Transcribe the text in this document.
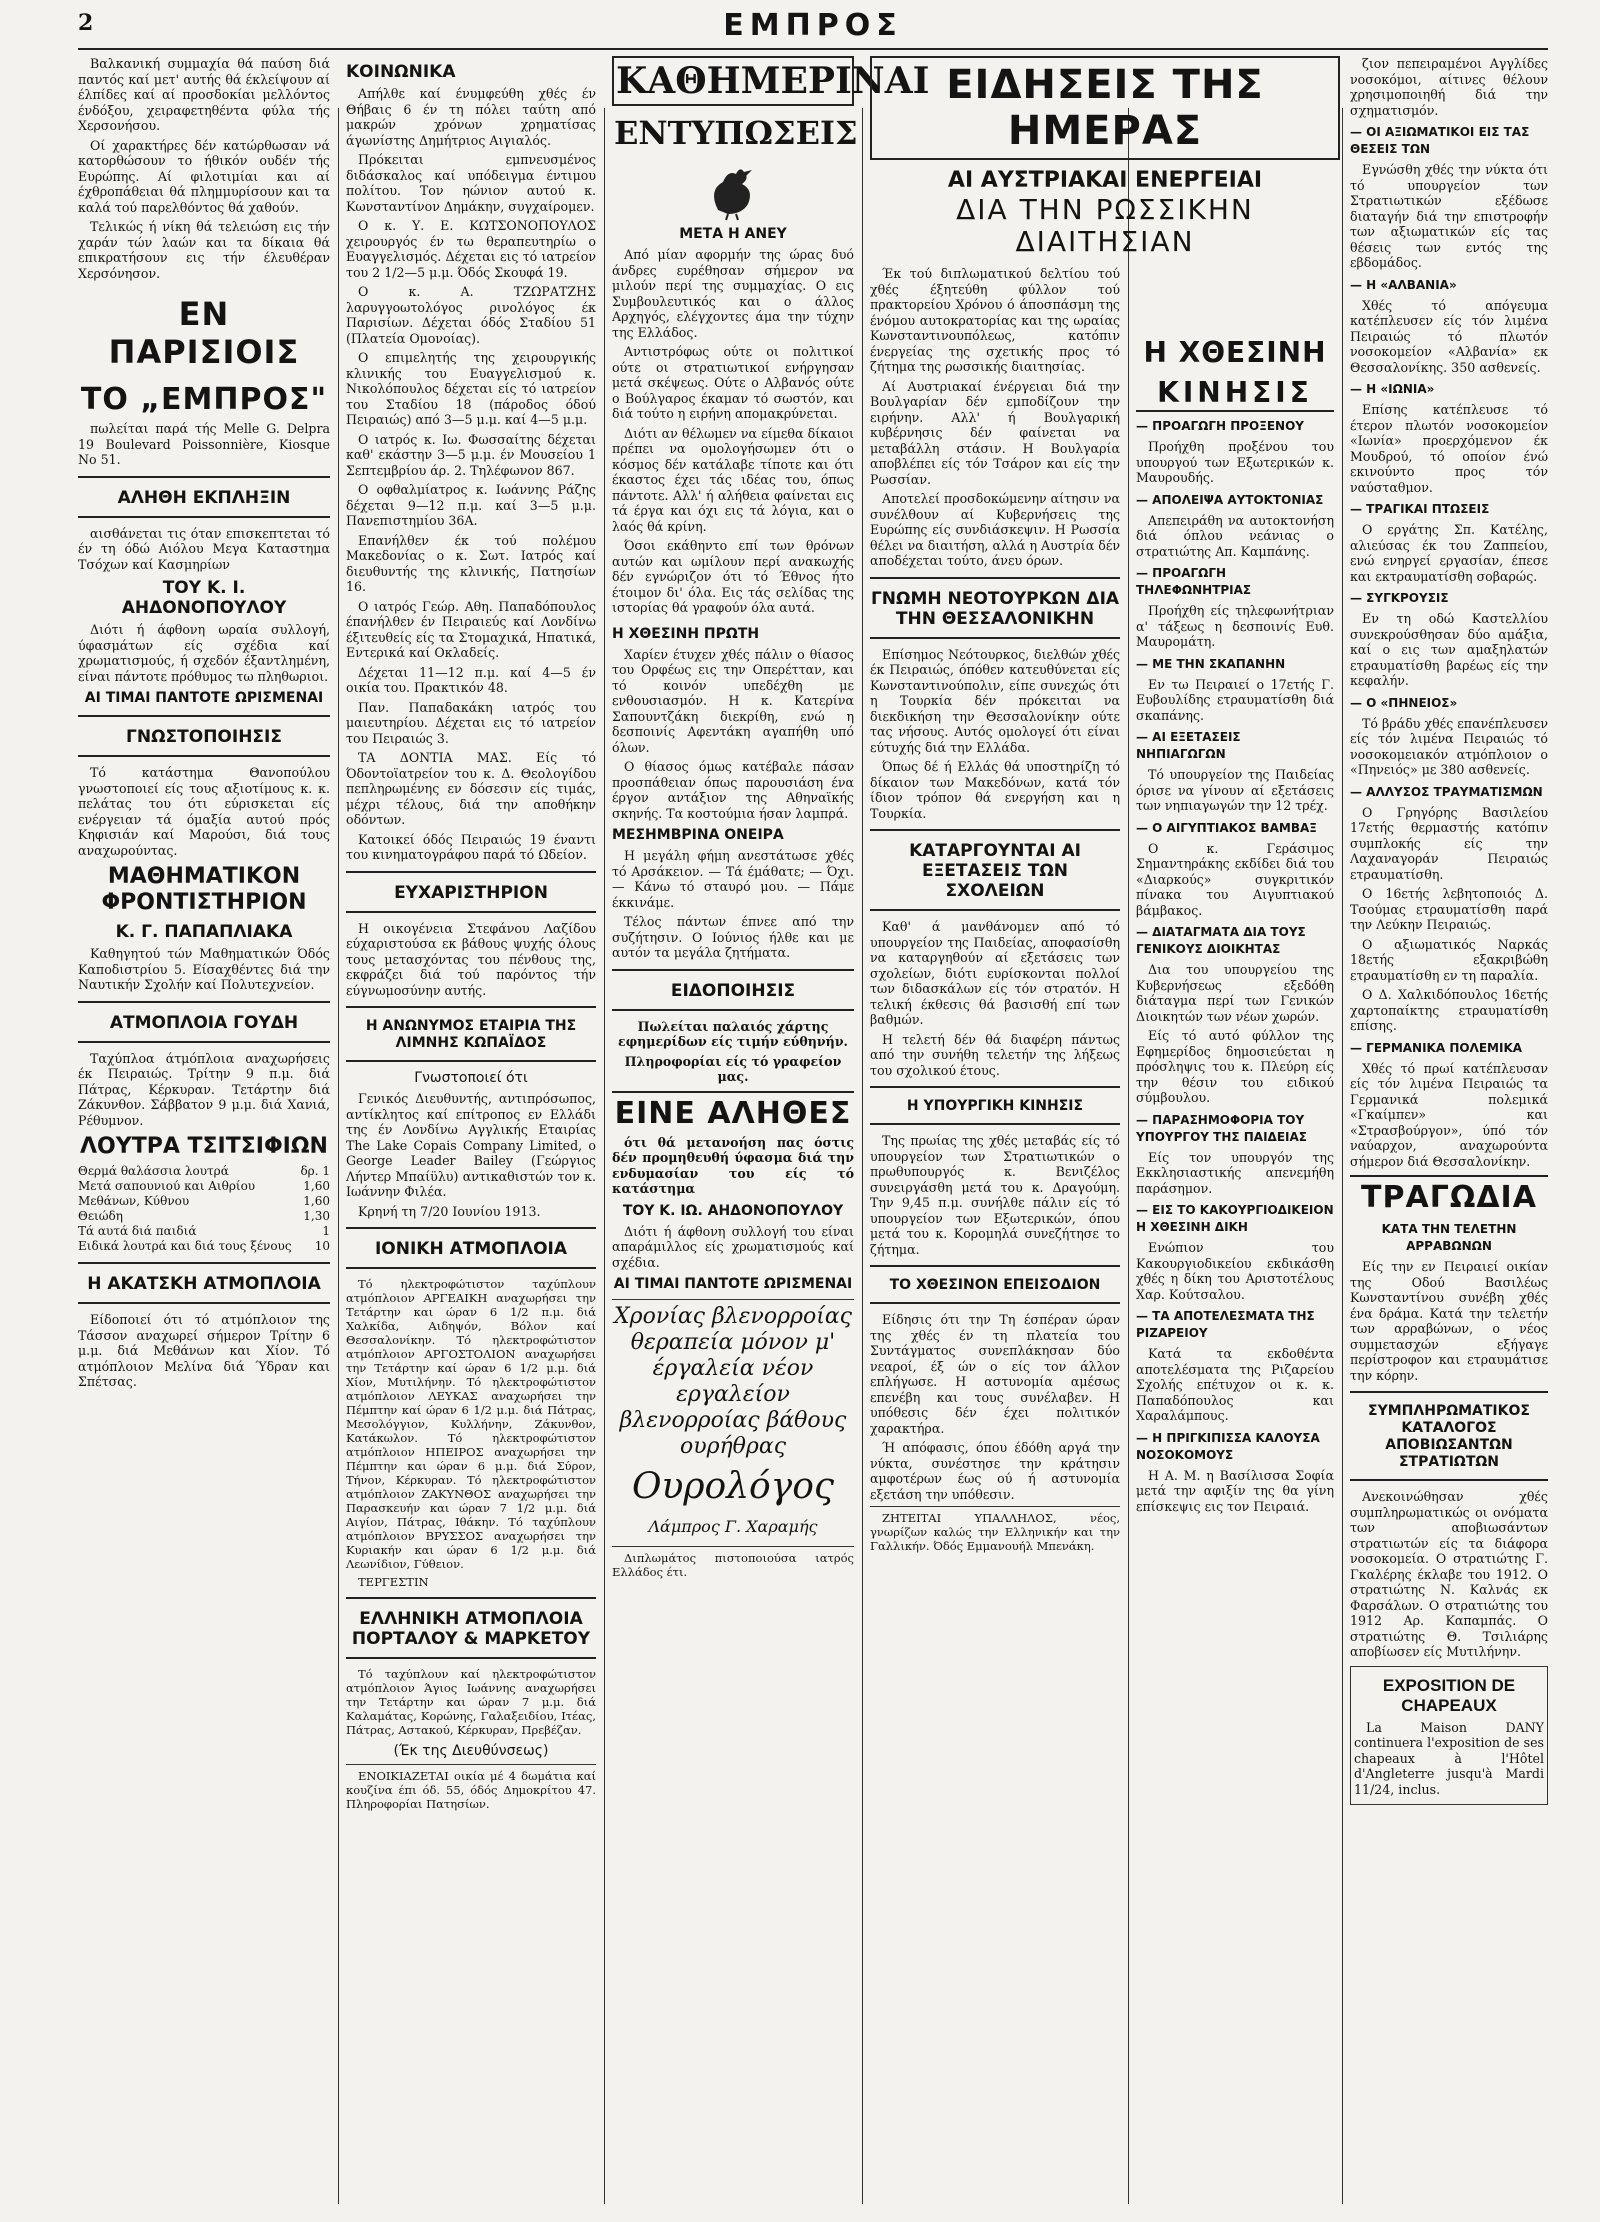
2	ΕΜΠΡΟΣ

Βαλκανική συμμαχία θά παύση διά παντός καί μετ' αυτής θά έκλείψουν αί έλπίδες καί αί προσδοκίαι μελλόντος ένδόξου, χειραφετηθέντα φύλα τής Χερσονήσου.

Οί χαρακτήρες δέν κατώρθωσαν νά κατορθώσουν το ήθικόν ουδέν τής Ευρώπης. Αί φιλοτιμίαι και αί έχθροπάθειαι θά πλημμυρίσουν και τα καλά τού παρελθόντος θά χαθούν.

Τελικώς ή νίκη θά τελειώση εις τήν χαράν τών λαών και τα δίκαια θά επικρατήσουν εις τήν έλευθέραν Χερσόνησον.

ΕΝ ΠΑΡΙΣΙΟΙΣ
ΤΟ „ΕΜΠΡΟΣ"

πωλείται παρά τής Melle G. Delpra 19 Boulevard Poissonnière, Kiosque No 51.

ΑΛΗΘΗ ΕΚΠΛΗΞΙΝ

αισθάνεται τις όταν επισκεπτεται τό έν τη όδώ Αιόλου Μεγα Καταστημα Τσόχων καί Κασμηρίων

ΤΟΥ Κ. Ι. ΑΗΔΟΝΟΠΟΥΛΟΥ

Διότι ή άφθονη ωραία συλλογή, ύφασμάτων είς σχέδια καί χρωματισμούς, ή σχεδόν έξαντλημένη, είναι πάντοτε πρόθυμος τω πληθωριοι.

ΑΙ ΤΙΜΑΙ ΠΑΝΤΟΤΕ ΩΡΙΣΜΕΝΑΙ
ΓΝΩΣΤΟΠΟΙΗΣΙΣ

Τό κατάστημα Θανοπούλου γνωστοποιεί είς τους αξιοτίμους κ. κ. πελάτας του ότι εύρισκεται είς ενέργειαν τά όμαξία αυτού πρός Κηφισιάν καί Μαρούσι, διά τους αναχωρούντας.

ΜΑΘΗΜΑΤΙΚΟΝ ΦΡΟΝΤΙΣΤΗΡΙΟΝ
Κ. Γ. ΠΑΠΑΠΛΙΑΚΑ

Καθηγητού τών Μαθηματικών Όδός Καποδιστρίου 5. Είσαχθέντες διά την Ναυτικήν Σχολήν καί Πολυτεχνείον.

ΑΤΜΟΠΛΟΙΑ ΓΟΥΔΗ

Ταχύπλοα άτμόπλοια αναχωρήσεις έκ Πειραιώς. Τρίτην 9 π.μ. διά Πάτρας, Κέρκυραν. Τετάρτην διά Ζάκυνθον. Σάββατον 9 μ.μ. διά Χανιά, Ρέθυμνον.

ΛΟΥΤΡΑ ΤΣΙΤΣΙΦΙΩΝ
Θερμά θαλάσσια λουτρά	δρ. 1
Μετά σαπουνιού και Αιθρίου	1,60
Μεθάνων, Κύθνου	1,60
Θειώδη	1,30
Τά αυτά διά παιδιά	1
Ειδικά λουτρά και διά τους ξένους 10
Η ΑΚΑΤΣΚΗ ΑΤΜΟΠΛΟΙΑ

Είδοποιεί ότι τό ατμόπλοιον της Τάσσον αναχωρεί σήμερον Τρίτην 6 μ.μ. διά Μεθάνων και Χίον. Τό ατμόπλοιον Μελίνα διά Ύδραν και Σπέτσας.

ΚΟΙΝΩΝΙΚΑ

Απήλθε καί ένυμφεύθη χθές έν Θήβαις 6 έν τη πόλει ταύτη από μακρών χρόνων χρηματίσας άγωνίστης Δημήτριος Αιγιαλός.

Πρόκειται εμπνευσμένος διδάσκαλος καί υπόδειγμα έντιμου πολίτου. Τον ηώνιον αυτού κ. Κωνσταντίνον Δημάκην, συγχαίρομεν.

Ο κ. Υ. Ε. ΚΩΤΣΟΝΟΠΟΥΛΟΣ χειρουργός έν τω θεραπευτηρίω ο Ευαγγελισμός. Δέχεται εις τό ιατρείον του 2 1/2—5 μ.μ. Όδός Σκουφά 19.

Ο κ. Α. ΤΖΩΡΑΤΖΗΣ λαρυγγοωτολόγος ρινολόγος έκ Παρισίων. Δέχεται όδός Σταδίου 51 (Πλατεία Ομονοίας).

Ο επιμελητής της χειρουργικής κλινικής του Ευαγγελισμού κ. Νικολόπουλος δέχεται είς τό ιατρείον του Σταδίου 18 (πάροδος όδού Πειραιώς) από 3—5 μ.μ. καί 4—5 μ.μ.

Ο ιατρός κ. Ιω. Φωσσαίτης δέχεται καθ' εκάστην 3—5 μ.μ. έν Μουσείου 1 Σεπτεμβρίου άρ. 2. Τηλέφωνον 867.

Ο οφθαλμίατρος κ. Ιωάννης Ράζης δέχεται 9—12 π.μ. καί 3—5 μ.μ. Πανεπιστημίου 36Α.

Επανήλθεν έκ τού πολέμου Μακεδονίας ο κ. Σωτ. Ιατρός καί διευθυντής της κλινικής, Πατησίων 16.

Ο ιατρός Γεώρ. Αθη. Παπαδόπουλος έπανήλθεν έν Πειραιεύς καί Λονδίνω έξιτευθείς είς τα Στομαχικά, Ηπατικά, Εντερικά καί Οκλαδείς.

Δέχεται 11—12 π.μ. καί 4—5 έν οικία του. Πρακτικόν 48.

Παν. Παπαδακάκη ιατρός του μαιευτηρίου. Δέχεται εις τό ιατρείον του Πειραιώς 3.

ΤΑ ΔΟΝΤΙΑ ΜΑΣ. Είς τό Όδοντοϊατρείον του κ. Δ. Θεολογίδου πεπληρωμένης εν δόσεσιν είς τιμάς, μέχρι τέλους, διά την αποθήκην οδόντων.

Κατοικεί όδός Πειραιώς 19 έναντι του κινηματογράφου παρά τό Ωδείον.

ΕΥΧΑΡΙΣΤΗΡΙΟΝ

Η οικογένεια Στεφάνου Λαζίδου εύχαριστούσα εκ βάθους ψυχής όλους τους μετασχόντας του πένθους της, εκφράζει διά τού παρόντος τήν εύγνωμοσύνην αυτής.

Η ΑΝΩΝΥΜΟΣ ΕΤΑΙΡΙΑ ΤΗΣ ΛΙΜΝΗΣ ΚΩΠΑΪΔΟΣ
Γνωστοποιεί ότι

Γενικός Διευθυντής, αντιπρόσωπος, αντίκλητος καί επίτροπος εν Ελλάδι της έν Λονδίνω Αγγλικής Εταιρίας The Lake Copais Company Limited, ο George Leader Bailey (Γεώργιος Λήντερ Μπαίϋλυ) αντικαθιστών τον κ. Ιωάννην Φιλέα.

Κρηνή τη 7/20 Ιουνίου 1913.

ΙΟΝΙΚΗ ΑΤΜΟΠΛΟΙΑ

Τό ηλεκτροφώτιστον ταχύπλουν ατμόπλοιον ΑΡΓΕΑΙΚΗ αναχωρήσει την Τετάρτην και ώραν 6 1/2 π.μ. διά Χαλκίδα, Αιδηψόν, Βόλον καί Θεσσαλονίκην. Τό ηλεκτροφώτιστον ατμόπλοιον ΑΡΓΟΣΤΟΛΙΟΝ αναχωρήσει την Τετάρτην καί ώραν 6 1/2 μ.μ. διά Χίον, Μυτιλήνην. Τό ηλεκτροφώτιστον ατμόπλοιον ΛΕΥΚΑΣ αναχωρήσει την Πέμπτην καί ώραν 6 1/2 μ.μ. διά Πάτρας, Μεσολόγγιον, Κυλλήνην, Ζάκυνθον, Κατάκωλον. Τό ηλεκτροφώτιστον ατμόπλοιον ΗΠΕΙΡΟΣ αναχωρήσει την Πέμπτην και ώραν 6 μ.μ. διά Σύρον, Τήνον, Κέρκυραν. Τό ηλεκτροφώτιστον ατμόπλοιον ΖΑΚΥΝΘΟΣ αναχωρήσει την Παρασκευήν και ώραν 7 1/2 μ.μ. διά Αιγίον, Πάτρας, Ιθάκην. Τό ταχύπλουν ατμόπλοιον ΒΡΥΣΣΟΣ αναχωρήσει την Κυριακήν και ώραν 6 1/2 μ.μ. διά Λεωνίδιον, Γύθειον.

ΤΕΡΓΕΣΤΙΝ

ΕΛΛΗΝΙΚΗ ΑΤΜΟΠΛΟΙΑ ΠΟΡΤΑΛΟΥ & ΜΑΡΚΕΤΟΥ

Τό ταχύπλουν καί ηλεκτροφώτιστον ατμόπλοιον Άγιος Ιωάννης αναχωρήσει την Τετάρτην και ώραν 7 μ.μ. διά Καλαμάτας, Κορώνης, Γαλαξειδίου, Ιτέας, Πάτρας, Αστακού, Κέρκυραν, Πρεβέζαν.

(Έκ της Διευθύνσεως)

ΕΝΟΙΚΙΑΖΕΤΑΙ οικία μέ 4 δωμάτια καί κουζίνα έπι όδ. 55, όδός Δημοκρίτου 47. Πληροφορίαι Πατησίων.

ΚΑΘΗΜΕΡΙΝΑΙ
ΕΝΤΥΠΩΣΕΙΣ
ΜΕΤΑ Η ΑΝΕΥ

Από μίαν αφορμήν της ώρας δυό άνδρες ευρέθησαν σήμερον να μιλούν περί της συμμαχίας. Ο εις Συμβουλευτικός και ο άλλος Αρχηγός, ελέγχοντες άμα την τύχην της Ελλάδος.

Αντιστρόφως ούτε οι πολιτικοί ούτε οι στρατιωτικοί ενήργησαν μετά σκέψεως. Ούτε ο Αλβανός ούτε ο Βούλγαρος έκαμαν τό σωστόν, και διά τούτο η ειρήνη απομακρύνεται.

Διότι αν θέλωμεν να είμεθα δίκαιοι πρέπει να ομολογήσωμεν ότι ο κόσμος δέν κατάλαβε τίποτε και ότι έκαστος έχει τάς ιδέας του, όπως πάντοτε. Αλλ' ή αλήθεια φαίνεται εις τά έργα και όχι εις τά λόγια, και ο λαός θά κρίνη.

Όσοι εκάθηντο επί των θρόνων αυτών και ωμίλουν περί ανακωχής δέν εγνώριζον ότι τό Έθνος ήτο έτοιμον δι' όλα. Εις τάς σελίδας της ιστορίας θά γραφούν όλα αυτά.

Η ΧΘΕΣΙΝΗ ΠΡΩΤΗ

Χαρίεν έτυχεν χθές πάλιν ο θίασος του Ορφέως εις την Οπερέτταν, και τό κοινόν υπεδέχθη με ενθουσιασμόν. Η κ. Κατερίνα Σαπουντζάκη διεκρίθη, ενώ η δεσποινίς Αφεντάκη αγαπήθη υπό όλων.

Ο θίασος όμως κατέβαλε πάσαν προσπάθειαν όπως παρουσιάση ένα έργον αντάξιον της Αθηναϊκής σκηνής. Τα κοστούμια ήσαν λαμπρά.

ΜΕΣΗΜΒΡΙΝΑ ΟΝΕΙΡΑ

Η μεγάλη φήμη ανεστάτωσε χθές τό Αρσάκειον. — Τά έμάθατε; — Όχι. — Κάνω τό σταυρό μου. — Πάμε έκκινάμε.

Τέλος πάντων έπνεε από την συζήτησιν. Ο Ιούνιος ήλθε και με αυτόν τα μεγάλα ζητήματα.

ΕΙΔΟΠΟΙΗΣΙΣ

Πωλείται παλαιός χάρτης εφημερίδων είς τιμήν εύθηνήν.

Πληροφορίαι είς τό γραφείον μας.

ΕΙΝΕ ΑΛΗΘΕΣ

ότι θά μετανοήση πας όστις δέν προμηθευθή ύφασμα διά την ενδυμασίαν του είς τό κατάστημα

ΤΟΥ Κ. ΙΩ. ΑΗΔΟΝΟΠΟΥΛΟΥ

Διότι ή άφθονη συλλογή του είναι απαράμιλλος είς χρωματισμούς καί σχέδια.

ΑΙ ΤΙΜΑΙ ΠΑΝΤΟΤΕ ΩΡΙΣΜΕΝΑΙ
Χρονίας βλενορροίας θεραπεία μόνον μ' έργαλεία νέον εργαλείον βλενορροίας βάθους ουρήθρας
Ουρολόγος
Λάμπρος Γ. Χαραμής

Διπλωμάτος πιστοποιούσα ιατρός Ελλάδος έτι.

ΕΙΔΗΣΕΙΣ ΤΗΣ ΗΜΕΡΑΣ
ΑΙ ΑΥΣΤΡΙΑΚΑΙ ΕΝΕΡΓΕΙΑΙ
ΔΙΑ ΤΗΝ ΡΩΣΣΙΚΗΝ ΔΙΑΙΤΗΣΙΑΝ

Έκ τού διπλωματικού δελτίου τού χθές έξητεύθη φύλλον τού πρακτορείου Χρόνου ό άποσπάσμη της ένόμου αυτοκρατορίας και της ωραίας Κωνσταντινουπόλεως, κατόπιν ένεργείας της σχετικής προς τό ζήτημα της ρωσσικής διαιτησίας.

Αί Αυστριακαί ένέργειαι διά την Βουλγαρίαν δέν εμποδίζουν την ειρήνην. Αλλ' ή Βουλγαρική κυβέρνησις δέν φαίνεται να μεταβάλλη στάσιν. Η Βουλγαρία αποβλέπει είς τόν Τσάρον και είς την Ρωσσίαν.

Αποτελεί προσδοκώμενην αίτησιν να συνέλθουν αί Κυβερνήσεις της Ευρώπης είς συνδιάσκεψιν. Η Ρωσσία θέλει να διαιτήση, αλλά η Αυστρία δέν αποδέχεται τούτο, άνευ όρων.

ΓΝΩΜΗ ΝΕΟΤΟΥΡΚΩΝ ΔΙΑ ΤΗΝ ΘΕΣΣΑΛΟΝΙΚΗΝ

Επίσημος Νεότουρκος, διελθών χθές έκ Πειραιώς, όπόθεν κατευθύνεται είς Κωνσταντινούπολιν, είπε συνεχώς ότι η Τουρκία δέν πρόκειται να διεκδικήση την Θεσσαλονίκην ούτε τας νήσους. Αυτός ομολογεί ότι είναι εύτυχής διά την Ελλάδα.

Όπως δέ ή Ελλάς θά υποστηρίζη τό δίκαιον των Μακεδόνων, κατά τόν ίδιον τρόπον θά ενεργήση και η Τουρκία.

ΚΑΤΑΡΓΟΥΝΤΑΙ ΑΙ ΕΞΕΤΑΣΕΙΣ ΤΩΝ ΣΧΟΛΕΙΩΝ

Καθ' ά μανθάνομεν από τό υπουργείον της Παιδείας, αποφασίσθη να καταργηθούν αί εξετάσεις των σχολείων, διότι ευρίσκονται πολλοί των διδασκάλων είς τόν στρατόν. Η τελική έκθεσις θά βασισθή επί των βαθμών.

Η τελετή δέν θά διαφέρη πάντως από την συνήθη τελετήν της λήξεως του σχολικού έτους.

Η ΥΠΟΥΡΓΙΚΗ ΚΙΝΗΣΙΣ

Της πρωίας της χθές μεταβάς είς τό υπουργείον των Στρατιωτικών ο πρωθυπουργός κ. Βενιζέλος συνειργάσθη μετά του κ. Δραγούμη. Την 9,45 π.μ. συνήλθε πάλιν είς τό υπουργείον των Εξωτερικών, όπου μετά του κ. Κορομηλά συνεζήτησε το ζήτημα.

ΤΟ ΧΘΕΣΙΝΟΝ ΕΠΕΙΣΟΔΙΟΝ

Είδησις ότι την Τη έσπέραν ώραν της χθές έν τη πλατεία του Συντάγματος συνεπλάκησαν δύο νεαροί, έξ ών ο είς τον άλλον επλήγωσε. Η αστυνομία αμέσως επενέβη και τους συνέλαβεν. Η υπόθεσις δέν έχει πολιτικόν χαρακτήρα.

Ή απόφασις, όπου έδόθη αργά την νύκτα, συνέστησε την κράτησιν αμφοτέρων έως ού ή αστυνομία εξετάση την υπόθεσιν.

ΖΗΤΕΙΤΑΙ ΥΠΑΛΛΗΛΟΣ, νέος, γνωρίζων καλώς την Ελληνικήν και την Γαλλικήν. Όδός Εμμανουήλ Μπενάκη.

Η ΧΘΕΣΙΝΗ
ΚΙΝΗΣΙΣ
— ΠΡΟΑΓΩΓΗ ΠΡΟΞΕΝΟΥ

Προήχθη προξένου του υπουργού των Εξωτερικών κ. Μαυρουδής.

— ΑΠΟΛΕΙΨΑ ΑΥΤΟΚΤΟΝΙΑΣ

Απεπειράθη να αυτοκτονήση διά όπλου νεάνιας ο στρατιώτης Απ. Καμπάνης.

— ΠΡΟΑΓΩΓΗ ΤΗΛΕΦΩΝΗΤΡΙΑΣ

Προήχθη είς τηλεφωνήτριαν α' τάξεως η δεσποινίς Ευθ. Μαυρομάτη.

— ΜΕ ΤΗΝ ΣΚΑΠΑΝΗΝ

Εν τω Πειραιεί ο 17ετής Γ. Ευβουλίδης ετραυματίσθη διά σκαπάνης.

— ΑΙ ΕΞΕΤΑΣΕΙΣ ΝΗΠΙΑΓΩΓΩΝ

Τό υπουργείον της Παιδείας όρισε να γίνουν αί εξετάσεις των νηπιαγωγών την 12 τρέχ.

— Ο ΑΙΓΥΠΤΙΑΚΟΣ ΒΑΜΒΑΞ

Ο κ. Γεράσιμος Σημαντηράκης εκδίδει διά του «Διαρκούς» συγκριτικόν πίνακα του Αιγυπτιακού βάμβακος.

— ΔΙΑΤΑΓΜΑΤΑ ΔΙΑ ΤΟΥΣ ΓΕΝΙΚΟΥΣ ΔΙΟΙΚΗΤΑΣ

Δια του υπουργείου της Κυβερνήσεως εξεδόθη διάταγμα περί των Γενικών Διοικητών των νέων χωρών.

Είς τό αυτό φύλλον της Εφημερίδος δημοσιεύεται η πρόσληψις του κ. Πλεύρη είς την θέσιν του ειδικού σύμβουλου.

— ΠΑΡΑΣΗΜΟΦΟΡΙΑ ΤΟΥ ΥΠΟΥΡΓΟΥ ΤΗΣ ΠΑΙΔΕΙΑΣ

Είς τον υπουργόν της Εκκλησιαστικής απενεμήθη παράσημον.

— ΕΙΣ ΤΟ ΚΑΚΟΥΡΓΙΟΔΙΚΕΙΟΝ Η ΧΘΕΣΙΝΗ ΔΙΚΗ

Ενώπιον του Κακουργιοδικείου εκδικάσθη χθές η δίκη του Αριστοτέλους Χαρ. Κούτσαλου.

— ΤΑ ΑΠΟΤΕΛΕΣΜΑΤΑ ΤΗΣ ΡΙΖΑΡΕΙΟΥ

Κατά τα εκδοθέντα αποτελέσματα της Ριζαρείου Σχολής επέτυχον οι κ. κ. Παπαδόπουλος και Χαραλάμπους.

— Η ΠΡΙΓΚΙΠΙΣΣΑ ΚΑΛΟΥΣΑ ΝΟΣΟΚΟΜΟΥΣ

Η Α. Μ. η Βασίλισσα Σοφία μετά την αφιξίν της θα γίνη επίσκεψις εις τον Πειραιά.

ζιον πεπειραμένοι Αγγλίδες νοσοκόμοι, αίτινες θέλουν χρησιμοποιηθή διά την σχηματισμόν.

— ΟΙ ΑΞΙΩΜΑΤΙΚΟΙ ΕΙΣ ΤΑΣ ΘΕΣΕΙΣ ΤΩΝ

Εγνώσθη χθές την νύκτα ότι τό υπουργείον των Στρατιωτικών εξέδωσε διαταγήν διά την επιστροφήν των αξιωματικών είς τας θέσεις των εντός της εβδομάδος.

— Η «ΑΛΒΑΝΙΑ»

Χθές τό απόγευμα κατέπλευσεν είς τόν λιμένα Πειραιώς τό πλωτόν νοσοκομείον «Αλβανία» εκ Θεσσαλονίκης. 350 ασθενείς.

— Η «ΙΩΝΙΑ»

Επίσης κατέπλευσε τό έτερον πλωτόν νοσοκομείον «Ιωνία» προερχόμενον έκ Μουδρού, τό οποίον ένώ εκινούντο προς τόν ναύσταθμον.

— ΤΡΑΓΙΚΑΙ ΠΤΩΣΕΙΣ

Ο εργάτης Σπ. Κατέλης, αλιεύσας έκ του Ζαππείου, ενώ ενηργεί εργασίαν, έπεσε και εκτραυματίσθη σοβαρώς.

— ΣΥΓΚΡΟΥΣΙΣ

Εν τη οδώ Καστελλίου συνεκρούσθησαν δύο αμάξια, καί ο εις των αμαξηλατών ετραυματίσθη βαρέως είς την κεφαλήν.

— Ο «ΠΗΝΕΙΟΣ»

Τό βράδυ χθές επανέπλευσεν είς τόν λιμένα Πειραιώς τό νοσοκομειακόν ατμόπλοιον ο «Πηνειός» με 380 ασθενείς.

— ΑΛΛΥΣΟΣ ΤΡΑΥΜΑΤΙΣΜΩΝ

Ο Γρηγόρης Βασιλείου 17ετής θερμαστής κατόπιν συμπλοκής είς την Λαχαναγοράν Πειραιώς ετραυματίσθη.

Ο 16ετής λεβητοποιός Δ. Τσούμας ετραυματίσθη παρά την Λεύκην Πειραιώς.

Ο αξιωματικός Ναρκάς 18ετής εξακριβώθη ετραυματίσθη εν τη παραλία.

Ο Δ. Χαλκιδόπουλος 16ετής χαρτοπαίκτης ετραυματίσθη επίσης.

— ΓΕΡΜΑΝΙΚΑ ΠΟΛΕΜΙΚΑ

Χθές τό πρωί κατέπλευσαν είς τόν λιμένα Πειραιώς τα Γερμανικά πολεμικά «Γκαίμπεν» και «Στρασβούργον», ύπό τόν ναύαρχον, αναχωρούντα σήμερον διά Θεσσαλονίκην.

ΤΡΑΓΩΔΙΑ
ΚΑΤΑ ΤΗΝ ΤΕΛΕΤΗΝ ΑΡΡΑΒΩΝΩΝ

Είς την εν Πειραιεί οικίαν της Οδού Βασιλέως Κωνσταντίνου συνέβη χθές ένα δράμα. Κατά την τελετήν των αρραβώνων, ο νέος συμμετασχών εξήγαγε περίστροφον και ετραυμάτισε την κόρην.

ΣΥΜΠΛΗΡΩΜΑΤΙΚΟΣ ΚΑΤΑΛΟΓΟΣ ΑΠΟΒΙΩΣΑΝΤΩΝ ΣΤΡΑΤΙΩΤΩΝ

Ανεκοινώθησαν χθές συμπληρωματικώς οι ονόματα των αποβιωσάντων στρατιωτών είς τα διάφορα νοσοκομεία. Ο στρατιώτης Γ. Γκαλέρης έκλαβε του 1912. Ο στρατιώτης Ν. Καλνάς εκ Φαρσάλων. Ο στρατιώτης του 1912 Αρ. Καπαμπάς. Ο στρατιώτης Θ. Τσιλιάρης αποβίωσεν είς Μυτιλήνην.

EXPOSITION DE CHAPEAUX

La Maison DANY continuera l'exposition de ses chapeaux à l'Hôtel d'Angleterre jusqu'à Mardi 11/24, inclus.
